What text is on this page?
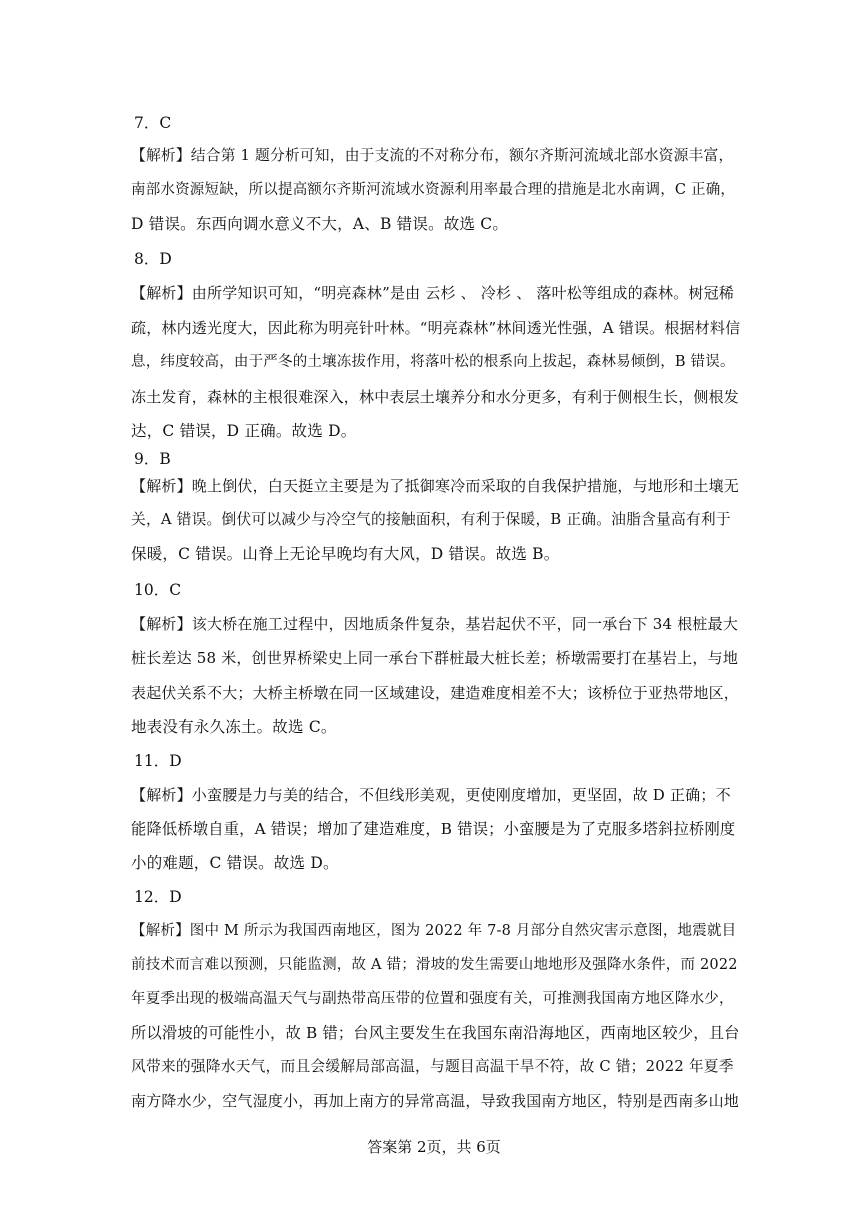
7．C
【解析】结合第 1 题分析可知，由于支流的不对称分布，额尔齐斯河流域北部水资源丰富，
南部水资源短缺，所以提高额尔齐斯河流域水资源利用率最合理的措施是北水南调，C 正确，
D 错误。东西向调水意义不大，A、B 错误。故选 C。
8．D
【解析】由所学知识可知，“明亮森林”是由 云杉 、 冷杉 、 落叶松等组成的森林。树冠稀
疏，林内透光度大，因此称为明亮针叶林。“明亮森林”林间透光性强，A 错误。根据材料信
息，纬度较高，由于严冬的土壤冻拔作用，将落叶松的根系向上拔起，森林易倾倒，B 错误。
冻土发育，森林的主根很难深入，林中表层土壤养分和水分更多，有利于侧根生长，侧根发
达，C 错误，D 正确。故选 D。
9．B
【解析】晚上倒伏，白天挺立主要是为了抵御寒冷而采取的自我保护措施，与地形和土壤无
关，A 错误。倒伏可以减少与冷空气的接触面积，有利于保暖，B 正确。油脂含量高有利于
保暖，C 错误。山脊上无论早晚均有大风，D 错误。故选 B。
10．C
【解析】该大桥在施工过程中，因地质条件复杂，基岩起伏不平，同一承台下 34 根桩最大
桩长差达 58 米，创世界桥梁史上同一承台下群桩最大桩长差；桥墩需要打在基岩上，与地
表起伏关系不大；大桥主桥墩在同一区域建设，建造难度相差不大；该桥位于亚热带地区，
地表没有永久冻土。故选 C。
11．D
【解析】小蛮腰是力与美的结合，不但线形美观，更使刚度增加，更坚固，故 D 正确；不
能降低桥墩自重，A 错误；增加了建造难度，B 错误；小蛮腰是为了克服多塔斜拉桥刚度
小的难题，C 错误。故选 D。
12．D
【解析】图中 M 所示为我国西南地区，图为 2022 年 7-8 月部分自然灾害示意图，地震就目
前技术而言难以预测，只能监测，故 A 错；滑坡的发生需要山地地形及强降水条件，而 2022
年夏季出现的极端高温天气与副热带高压带的位置和强度有关，可推测我国南方地区降水少，
所以滑坡的可能性小，故 B 错；台风主要发生在我国东南沿海地区，西南地区较少，且台
风带来的强降水天气，而且会缓解局部高温，与题目高温干旱不符，故 C 错；2022 年夏季
南方降水少，空气湿度小，再加上南方的异常高温，导致我国南方地区，特别是西南多山地
答案第 2页，共 6页
